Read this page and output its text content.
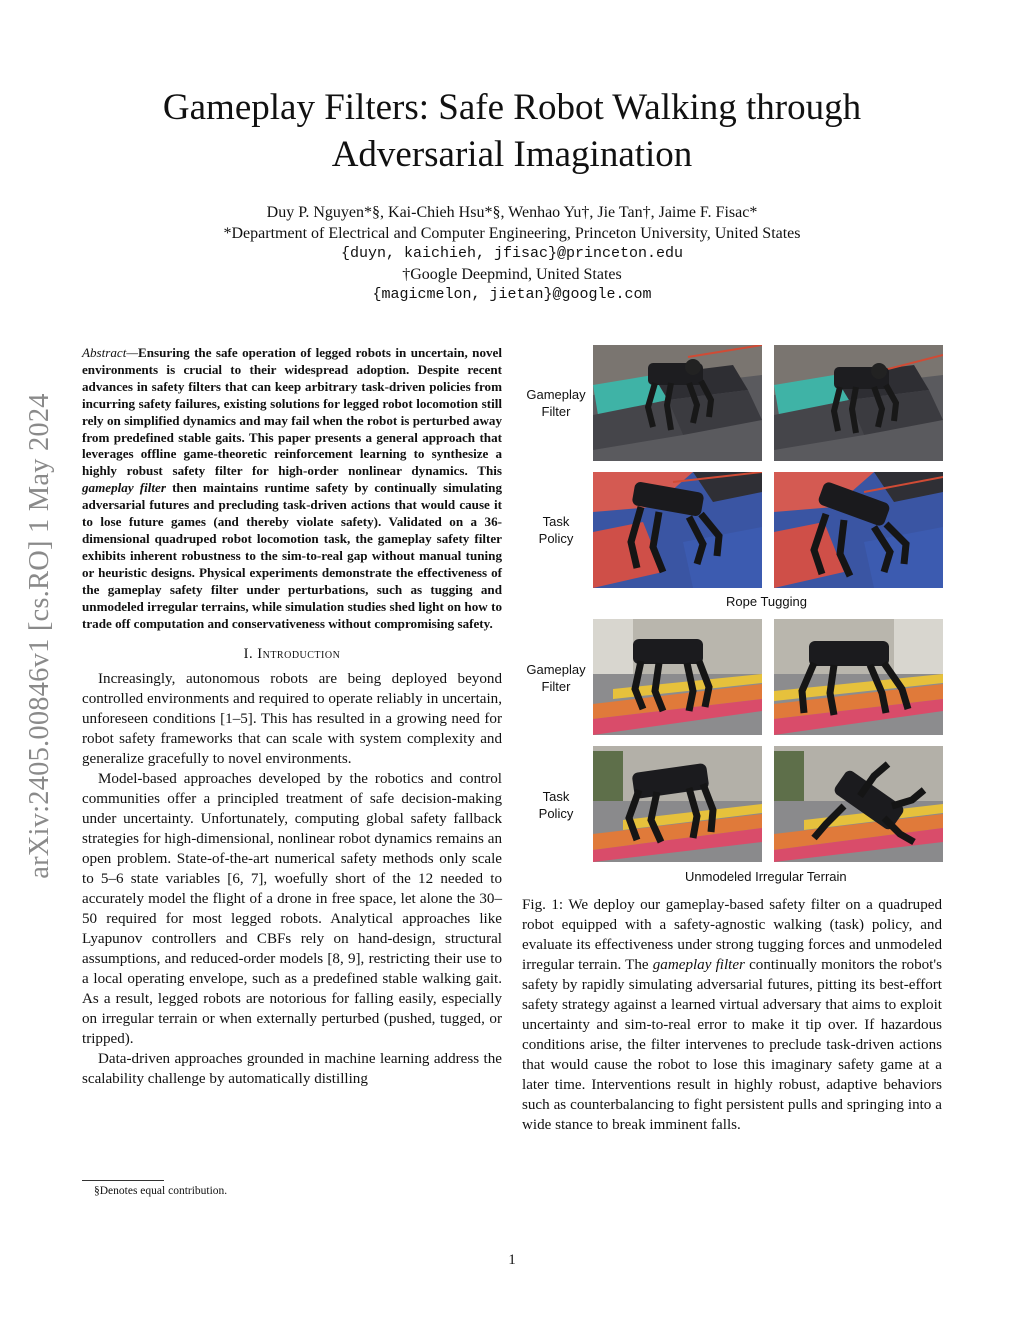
arXiv:2405.00846v1 [cs.RO] 1 May 2024
Gameplay Filters: Safe Robot Walking through
Adversarial Imagination
Duy P. Nguyen*§, Kai-Chieh Hsu*§, Wenhao Yu†, Jie Tan†, Jaime F. Fisac*
*Department of Electrical and Computer Engineering, Princeton University, United States
{duyn, kaichieh, jfisac}@princeton.edu
†Google Deepmind, United States
{magicmelon, jietan}@google.com

Abstract—Ensuring the safe operation of legged robots in uncertain, novel environments is crucial to their widespread adoption. Despite recent advances in safety filters that can keep arbitrary task-driven policies from incurring safety failures, existing solutions for legged robot locomotion still rely on simplified dynamics and may fail when the robot is perturbed away from predefined stable gaits. This paper presents a general approach that leverages offline game-theoretic reinforcement learning to synthesize a highly robust safety filter for high-order nonlinear dynamics. This gameplay filter then maintains runtime safety by continually simulating adversarial futures and precluding task-driven actions that would cause it to lose future games (and thereby violate safety). Validated on a 36-dimensional quadruped robot locomotion task, the gameplay safety filter exhibits inherent robustness to the sim-to-real gap without manual tuning or heuristic designs. Physical experiments demonstrate the effectiveness of the gameplay safety filter under perturbations, such as tugging and unmodeled irregular terrains, while simulation studies shed light on how to trade off computation and conservativeness without compromising safety.

I. Introduction

Increasingly, autonomous robots are being deployed beyond controlled environments and required to operate reliably in uncertain, unforeseen conditions [1–5]. This has resulted in a growing need for robot safety frameworks that can scale with system complexity and generalize gracefully to novel environments.

Model-based approaches developed by the robotics and control communities offer a principled treatment of safe decision-making under uncertainty. Unfortunately, computing global safety fallback strategies for high-dimensional, nonlinear robot dynamics remains an open problem. State-of-the-art numerical safety methods only scale to 5–6 state variables [6, 7], woefully short of the 12 needed to accurately model the flight of a drone in free space, let alone the 30–50 required for most legged robots. Analytical approaches like Lyapunov controllers and CBFs rely on hand-design, structural assumptions, and reduced-order models [8, 9], restricting their use to a local operating envelope, such as a predefined stable walking gait. As a result, legged robots are notorious for falling easily, especially on irregular terrain or when externally perturbed (pushed, tugged, or tripped).

Data-driven approaches grounded in machine learning address the scalability challenge by automatically distilling

§Denotes equal contribution.
Gameplay
Filter
Task
Policy
Gameplay
Filter
Task
Policy
Rope Tugging
Unmodeled Irregular Terrain

Fig. 1: We deploy our gameplay-based safety filter on a quadruped robot equipped with a safety-agnostic walking (task) policy, and evaluate its effectiveness under strong tugging forces and unmodeled irregular terrain. The gameplay filter continually monitors the robot's safety by rapidly simulating adversarial futures, pitting its best-effort safety strategy against a learned virtual adversary that aims to exploit uncertainty and sim-to-real error to make it tip over. If hazardous conditions arise, the filter intervenes to preclude task-driven actions that would cause the robot to lose this imaginary safety game at a later time. Interventions result in highly robust, adaptive behaviors such as counterbalancing to fight persistent pulls and springing into a wide stance to break imminent falls.

1
